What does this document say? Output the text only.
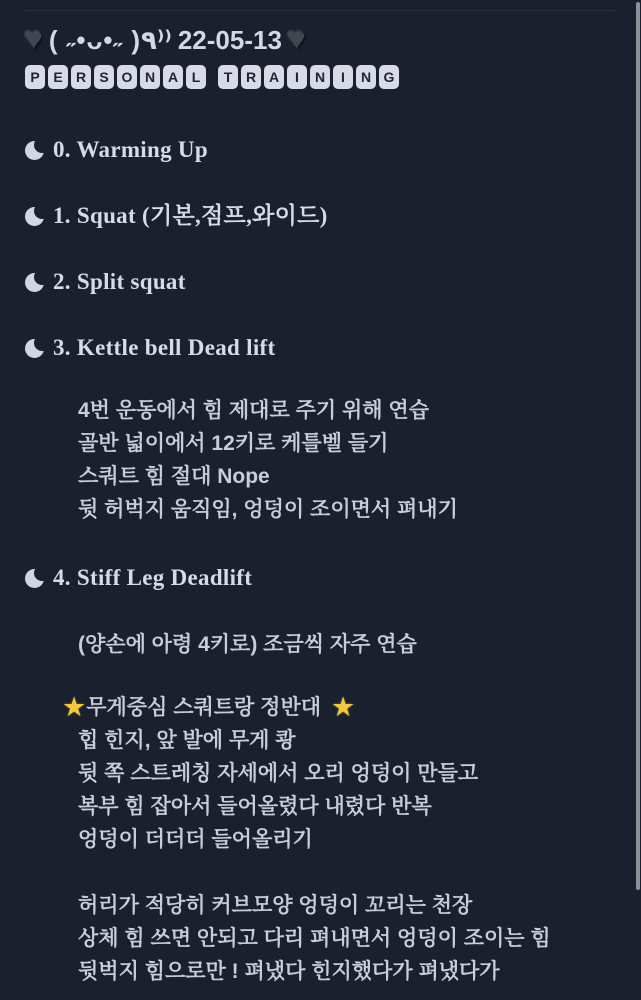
♥ ( ˶•ᴗ•˶ )٩⁾⁾ 22-05-13 ♥
P E R S O N A L	T R A	I	N	I	N G
0. Warming Up
1. Squat (기본,점프,와이드)
2. Split squat
3. Kettle bell Dead lift
4번 운동에서 힘 제대로 주기 위해 연습
골반 넓이에서 12키로 케틀벨 들기
스쿼트 힘 절대 Nope
뒷 허벅지 움직임, 엉덩이 조이면서 펴내기
4. Stiff Leg Deadlift
(양손에 아령 4키로) 조금씩 자주 연습
★ 무게중심 스쿼트랑 정반대 ★
힙 힌지, 앞 발에 무게 쾅
뒷 쪽 스트레칭 자세에서 오리 엉덩이 만들고
복부 힘 잡아서 들어올렸다 내렸다 반복
엉덩이 더더더 들어올리기
허리가 적당히 커브모양 엉덩이 꼬리는 천장
상체 힘 쓰면 안되고 다리 펴내면서 엉덩이 조이는 힘
뒷벅지 힘으로만 ! 펴냈다 힌지했다가 펴냈다가
